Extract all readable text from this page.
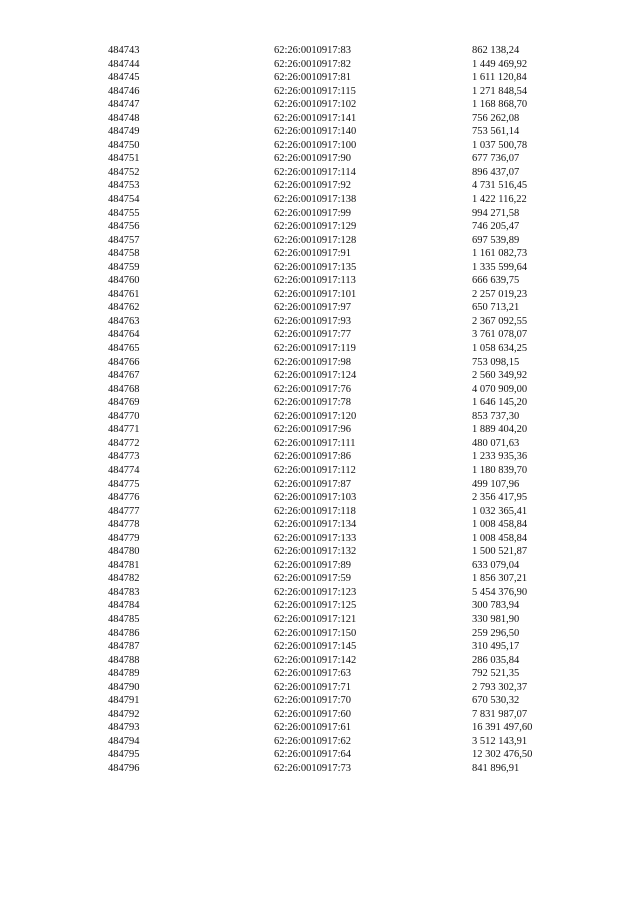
484743	62:26:0010917:83	862 138,24
484744	62:26:0010917:82	1 449 469,92
484745	62:26:0010917:81	1 611 120,84
484746	62:26:0010917:115	1 271 848,54
484747	62:26:0010917:102	1 168 868,70
484748	62:26:0010917:141	756 262,08
484749	62:26:0010917:140	753 561,14
484750	62:26:0010917:100	1 037 500,78
484751	62:26:0010917:90	677 736,07
484752	62:26:0010917:114	896 437,07
484753	62:26:0010917:92	4 731 516,45
484754	62:26:0010917:138	1 422 116,22
484755	62:26:0010917:99	994 271,58
484756	62:26:0010917:129	746 205,47
484757	62:26:0010917:128	697 539,89
484758	62:26:0010917:91	1 161 082,73
484759	62:26:0010917:135	1 335 599,64
484760	62:26:0010917:113	666 639,75
484761	62:26:0010917:101	2 257 019,23
484762	62:26:0010917:97	650 713,21
484763	62:26:0010917:93	2 367 092,55
484764	62:26:0010917:77	3 761 078,07
484765	62:26:0010917:119	1 058 634,25
484766	62:26:0010917:98	753 098,15
484767	62:26:0010917:124	2 560 349,92
484768	62:26:0010917:76	4 070 909,00
484769	62:26:0010917:78	1 646 145,20
484770	62:26:0010917:120	853 737,30
484771	62:26:0010917:96	1 889 404,20
484772	62:26:0010917:111	480 071,63
484773	62:26:0010917:86	1 233 935,36
484774	62:26:0010917:112	1 180 839,70
484775	62:26:0010917:87	499 107,96
484776	62:26:0010917:103	2 356 417,95
484777	62:26:0010917:118	1 032 365,41
484778	62:26:0010917:134	1 008 458,84
484779	62:26:0010917:133	1 008 458,84
484780	62:26:0010917:132	1 500 521,87
484781	62:26:0010917:89	633 079,04
484782	62:26:0010917:59	1 856 307,21
484783	62:26:0010917:123	5 454 376,90
484784	62:26:0010917:125	300 783,94
484785	62:26:0010917:121	330 981,90
484786	62:26:0010917:150	259 296,50
484787	62:26:0010917:145	310 495,17
484788	62:26:0010917:142	286 035,84
484789	62:26:0010917:63	792 521,35
484790	62:26:0010917:71	2 793 302,37
484791	62:26:0010917:70	670 530,32
484792	62:26:0010917:60	7 831 987,07
484793	62:26:0010917:61	16 391 497,60
484794	62:26:0010917:62	3 512 143,91
484795	62:26:0010917:64	12 302 476,50
484796	62:26:0010917:73	841 896,91
